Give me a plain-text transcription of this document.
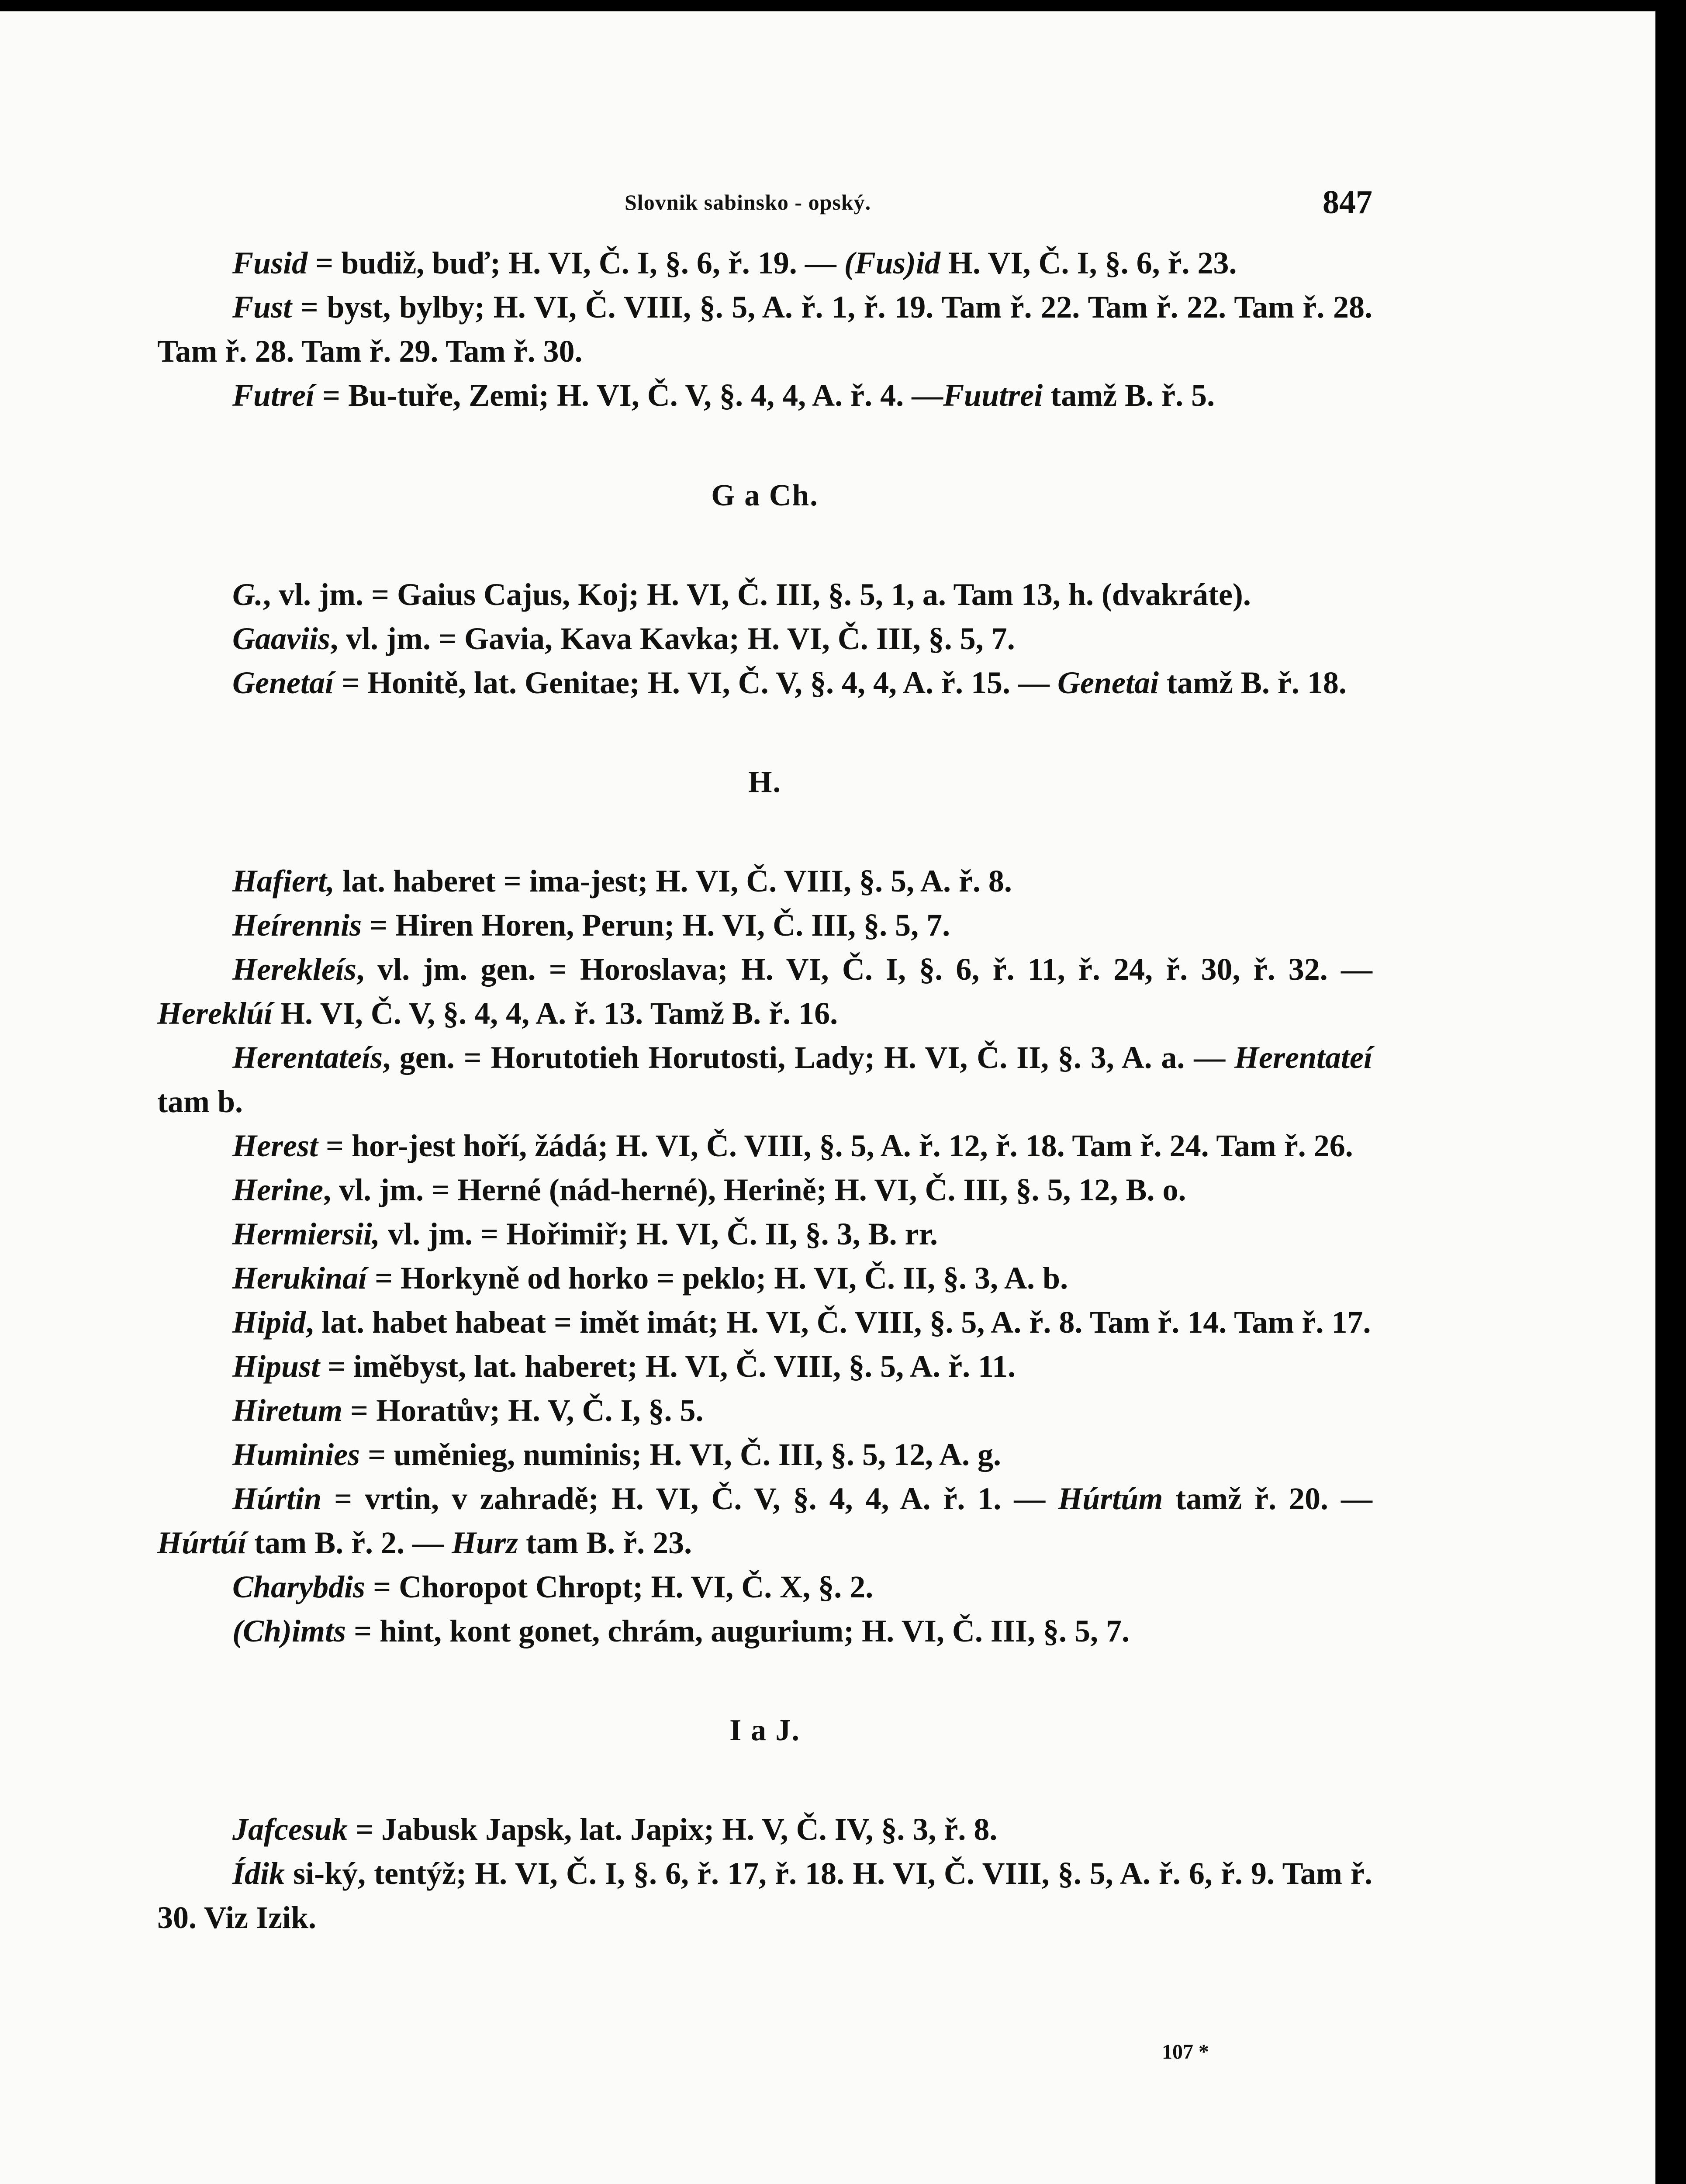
Slovnik sabinsko - opský.	847

Fusid = budiž, buď; H. VI, Č. I, §. 6, ř. 19. — (Fus)id H. VI, Č. I, §. 6, ř. 23.

Fust = byst, bylby; H. VI, Č. VIII, §. 5, A. ř. 1, ř. 19. Tam ř. 22. Tam ř. 22. Tam ř. 28. Tam ř. 28. Tam ř. 29. Tam ř. 30.

Futreí = Bu-tuře, Zemi; H. VI, Č. V, §. 4, 4, A. ř. 4. —Fuutrei tamž B. ř. 5.

G a Ch.

G., vl. jm. = Gaius Cajus, Koj; H. VI, Č. III, §. 5, 1, a. Tam 13, h. (dvakráte).

Gaaviis, vl. jm. = Gavia, Kava Kavka; H. VI, Č. III, §. 5, 7.

Genetaí = Honitě, lat. Genitae; H. VI, Č. V, §. 4, 4, A. ř. 15. — Genetai tamž B. ř. 18.

H.

Hafiert, lat. haberet = ima-jest; H. VI, Č. VIII, §. 5, A. ř. 8.

Heírennis = Hiren Horen, Perun; H. VI, Č. III, §. 5, 7.

Herekleís, vl. jm. gen. = Horoslava; H. VI, Č. I, §. 6, ř. 11, ř. 24, ř. 30, ř. 32. — Hereklúí H. VI, Č. V, §. 4, 4, A. ř. 13. Tamž B. ř. 16.

Herentateís, gen. = Horutotieh Horutosti, Lady; H. VI, Č. II, §. 3, A. a. — Herentateí tam b.

Herest = hor-jest hoří, žádá; H. VI, Č. VIII, §. 5, A. ř. 12, ř. 18. Tam ř. 24. Tam ř. 26.

Herine, vl. jm. = Herné (nád-herné), Herině; H. VI, Č. III, §. 5, 12, B. o.

Hermiersii, vl. jm. = Hořimiř; H. VI, Č. II, §. 3, B. rr.

Herukinaí = Horkyně od horko = peklo; H. VI, Č. II, §. 3, A. b.

Hipid, lat. habet habeat = imět imát; H. VI, Č. VIII, §. 5, A. ř. 8. Tam ř. 14. Tam ř. 17.

Hipust = iměbyst, lat. haberet; H. VI, Č. VIII, §. 5, A. ř. 11.

Hiretum = Horatův; H. V, Č. I, §. 5.

Huminies = uměnieg, numinis; H. VI, Č. III, §. 5, 12, A. g.

Húrtin = vrtin, v zahradě; H. VI, Č. V, §. 4, 4, A. ř. 1. — Húrtúm tamž ř. 20. — Húrtúí tam B. ř. 2. — Hurz tam B. ř. 23.

Charybdis = Choropot Chropt; H. VI, Č. X, §. 2.

(Ch)imts = hint, kont gonet, chrám, augurium; H. VI, Č. III, §. 5, 7.

I a J.

Jafcesuk = Jabusk Japsk, lat. Japix; H. V, Č. IV, §. 3, ř. 8.

Ídik si-ký, tentýž; H. VI, Č. I, §. 6, ř. 17, ř. 18. H. VI, Č. VIII, §. 5, A. ř. 6, ř. 9. Tam ř. 30. Viz Izik.

107 *
